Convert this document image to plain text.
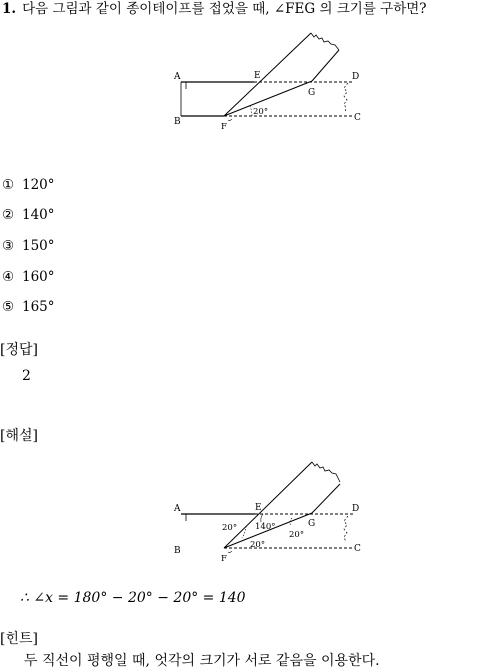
1. 다음 그림과 같이 종이테이프를 접었을 때, ∠FEG 의 크기를 구하면?
20°
A
B	C
D
E
F
G
① 120°
② 140°
③ 150°
④ 160°
⑤ 165°
[정답]
2
[해설]
20° 140°
20°
20°
A
B	C
D
E
F
G
∴ ∠x = 180° − 20° − 20° = 140
[힌트]
두 직선이 평행일 때, 엇각의 크기가 서로 같음을 이용한다.
